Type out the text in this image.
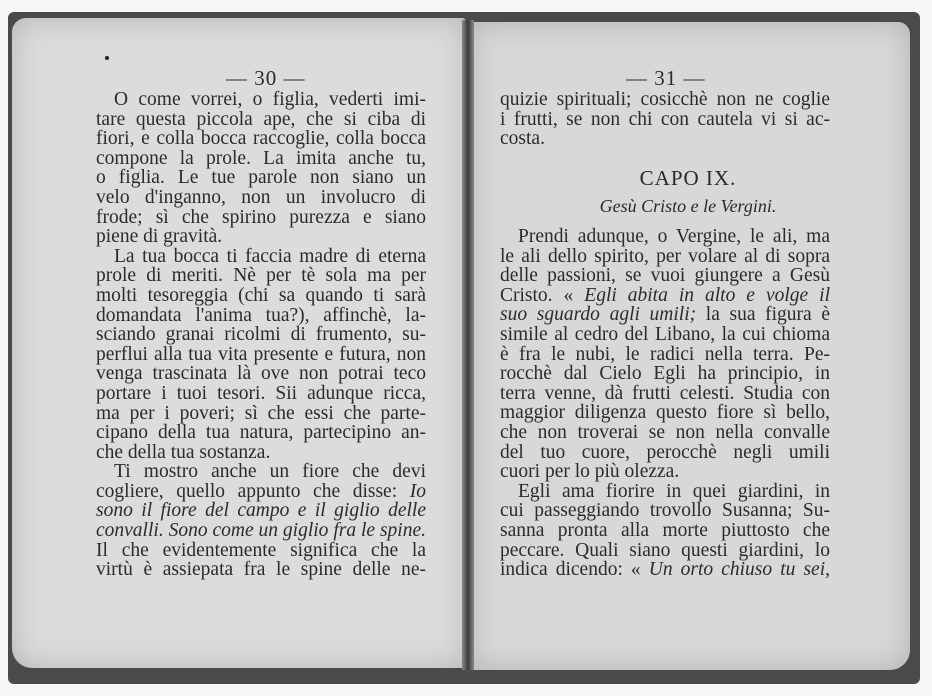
— 30 —	— 31 —
O come vorrei, o figlia, vederti imi-
tare questa piccola ape, che si ciba di
fiori, e colla bocca raccoglie, colla bocca
compone la prole. La imita anche tu,
o figlia. Le tue parole non siano un
velo d'inganno, non un involucro di
frode; sì che spirino purezza e siano
piene di gravità.
La tua bocca ti faccia madre di eterna
prole di meriti. Nè per tè sola ma per
molti tesoreggia (chi sa quando ti sarà
domandata l'anima tua?), affinchè, la-
sciando granai ricolmi di frumento, su-
perflui alla tua vita presente e futura, non
venga trascinata là ove non potrai teco
portare i tuoi tesori. Sii adunque ricca,
ma per i poveri; sì che essi che parte-
cipano della tua natura, partecipino an-
che della tua sostanza.
Ti mostro anche un fiore che devi
cogliere, quello appunto che disse: Io
sono il fiore del campo e il giglio delle
convalli. Sono come un giglio fra le spine.
Il che evidentemente significa che la
virtù è assiepata fra le spine delle ne-
quizie spirituali; cosicchè non ne coglie
i frutti, se non chi con cautela vi si ac-
costa.
CAPO IX.
Gesù Cristo e le Vergini.
Prendi adunque, o Vergine, le ali, ma
le ali dello spirito, per volare al di sopra
delle passioni, se vuoi giungere a Gesù
Cristo. « Egli abita in alto e volge il
suo sguardo agli umili; la sua figura è
simile al cedro del Libano, la cui chioma
è fra le nubi, le radici nella terra. Pe-
rocchè dal Cielo Egli ha principio, in
terra venne, dà frutti celesti. Studia con
maggior diligenza questo fiore sì bello,
che non troverai se non nella convalle
del tuo cuore, perocchè negli umili
cuori per lo più olezza.
Egli ama fiorire in quei giardini, in
cui passeggiando trovollo Susanna; Su-
sanna pronta alla morte piuttosto che
peccare. Quali siano questi giardini, lo
indica dicendo: « Un orto chiuso tu sei,
